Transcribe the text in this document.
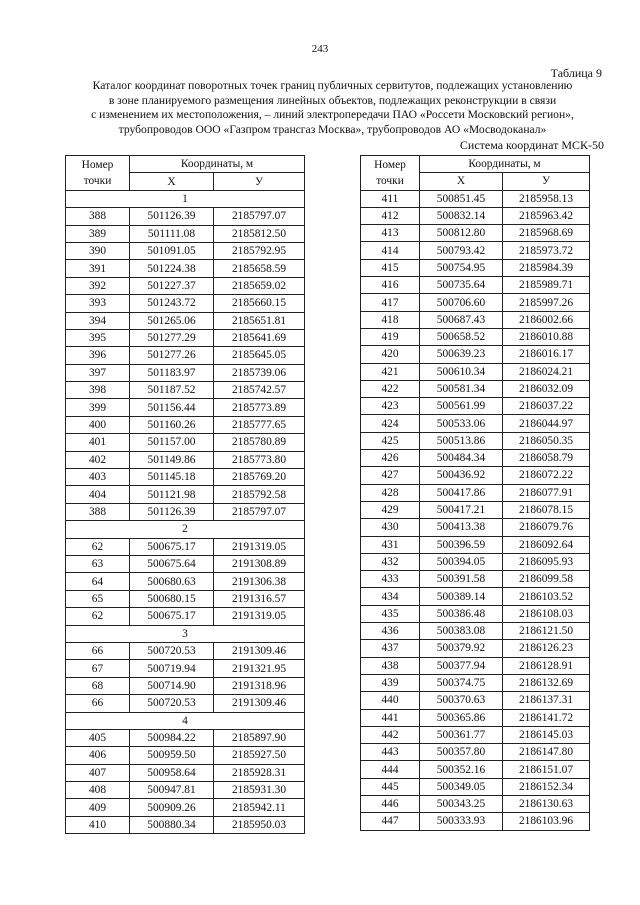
243
Таблица 9
Каталог координат поворотных точек границ публичных сервитутов, подлежащих установлению
в зоне планируемого размещения линейных объектов, подлежащих реконструкции в связи
с изменением их местоположения, – линий электропередачи ПАО «Россети Московский регион»,
трубопроводов ООО «Газпром трансгаз Москва», трубопроводов АО «Мосводоканал»
Система координат МСК-50
Номер
точки	Координаты, м	
	Х	У
1		
388	501126.39	2185797.07
389	501111.08	2185812.50
390	501091.05	2185792.95
391	501224.38	2185658.59
392	501227.37	2185659.02
393	501243.72	2185660.15
394	501265.06	2185651.81
395	501277.29	2185641.69
396	501277.26	2185645.05
397	501183.97	2185739.06
398	501187.52	2185742.57
399	501156.44	2185773.89
400	501160.26	2185777.65
401	501157.00	2185780.89
402	501149.86	2185773.80
403	501145.18	2185769.20
404	501121.98	2185792.58
388	501126.39	2185797.07
2		
62	500675.17	2191319.05
63	500675.64	2191308.89
64	500680.63	2191306.38
65	500680.15	2191316.57
62	500675.17	2191319.05
3		
66	500720.53	2191309.46
67	500719.94	2191321.95
68	500714.90	2191318.96
66	500720.53	2191309.46
4		
405	500984.22	2185897.90
406	500959.50	2185927.50
407	500958.64	2185928.31
408	500947.81	2185931.30
409	500909.26	2185942.11
410	500880.34	2185950.03
Номер
точки	Координаты, м	
	Х	У
411	500851.45	2185958.13
412	500832.14	2185963.42
413	500812.80	2185968.69
414	500793.42	2185973.72
415	500754.95	2185984.39
416	500735.64	2185989.71
417	500706.60	2185997.26
418	500687.43	2186002.66
419	500658.52	2186010.88
420	500639.23	2186016.17
421	500610.34	2186024.21
422	500581.34	2186032.09
423	500561.99	2186037.22
424	500533.06	2186044.97
425	500513.86	2186050.35
426	500484.34	2186058.79
427	500436.92	2186072.22
428	500417.86	2186077.91
429	500417.21	2186078.15
430	500413.38	2186079.76
431	500396.59	2186092.64
432	500394.05	2186095.93
433	500391.58	2186099.58
434	500389.14	2186103.52
435	500386.48	2186108.03
436	500383.08	2186121.50
437	500379.92	2186126.23
438	500377.94	2186128.91
439	500374.75	2186132.69
440	500370.63	2186137.31
441	500365.86	2186141.72
442	500361.77	2186145.03
443	500357.80	2186147.80
444	500352.16	2186151.07
445	500349.05	2186152.34
446	500343.25	2186130.63
447	500333.93	2186103.96
